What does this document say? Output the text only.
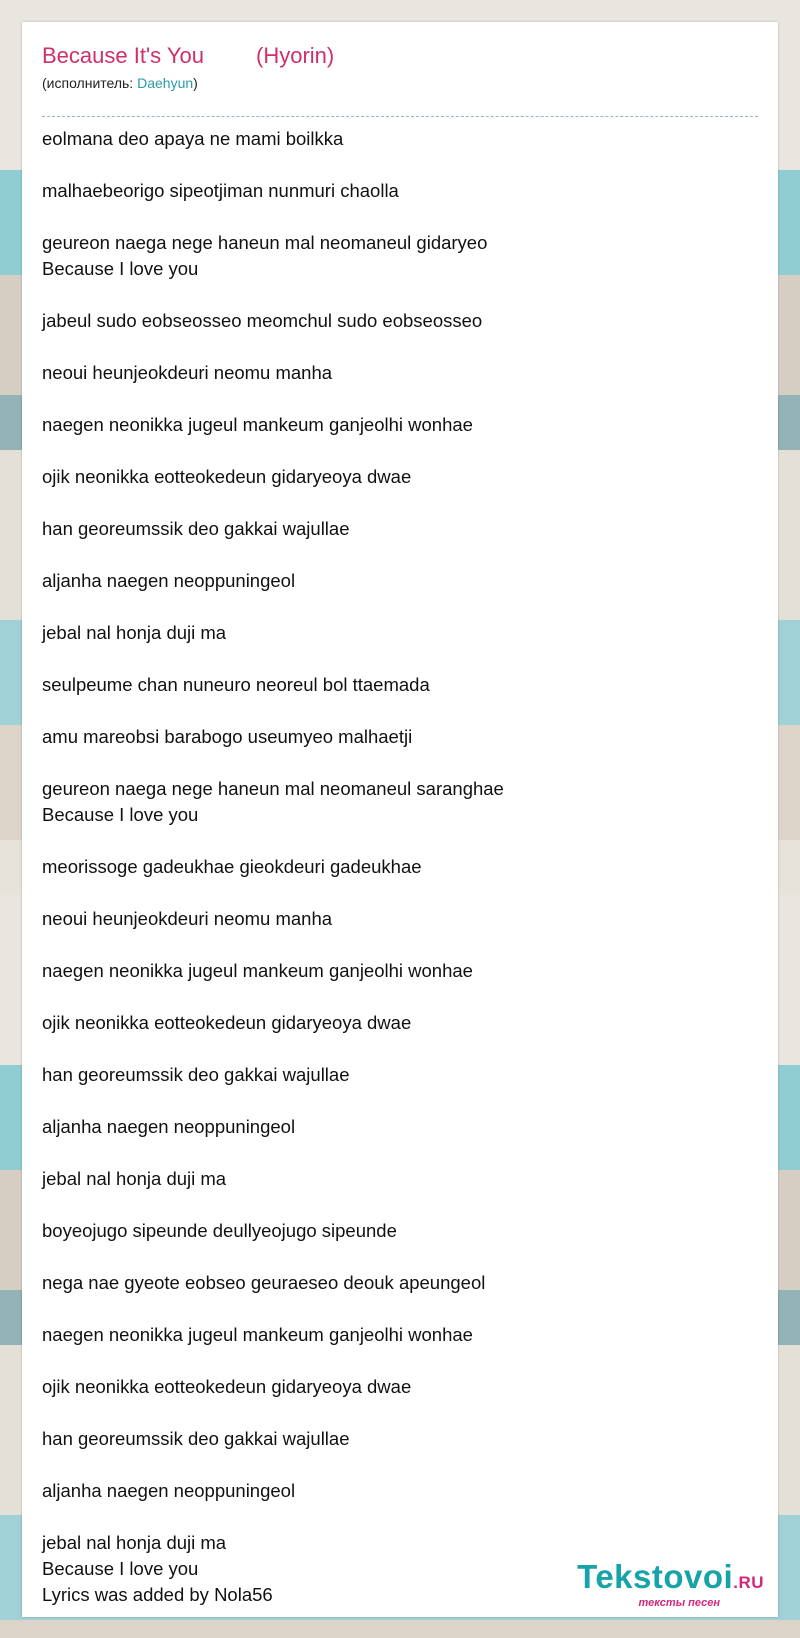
Because It's You (Hyorin)
(исполнитель: Daehyun)
eolmana deo apaya ne mami boilkka
malhaebeorigo sipeotjiman nunmuri chaolla
geureon naega nege haneun mal neomaneul gidaryeo
Because I love you
jabeul sudo eobseosseo meomchul sudo eobseosseo
neoui heunjeokdeuri neomu manha
naegen neonikka jugeul mankeum ganjeolhi wonhae
ojik neonikka eotteokedeun gidaryeoya dwae
han georeumssik deo gakkai wajullae
aljanha naegen neoppuningeol
jebal nal honja duji ma
seulpeume chan nuneuro neoreul bol ttaemada
amu mareobsi barabogo useumyeo malhaetji
geureon naega nege haneun mal neomaneul saranghae
Because I love you
meorissoge gadeukhae gieokdeuri gadeukhae
neoui heunjeokdeuri neomu manha
naegen neonikka jugeul mankeum ganjeolhi wonhae
ojik neonikka eotteokedeun gidaryeoya dwae
han georeumssik deo gakkai wajullae
aljanha naegen neoppuningeol
jebal nal honja duji ma
boyeojugo sipeunde deullyeojugo sipeunde
nega nae gyeote eobseo geuraeseo deouk apeungeol
naegen neonikka jugeul mankeum ganjeolhi wonhae
ojik neonikka eotteokedeun gidaryeoya dwae
han georeumssik deo gakkai wajullae
aljanha naegen neoppuningeol
jebal nal honja duji ma
Because I love you
Lyrics was added by Nola56	Tekstovoi.RU
тексты песен
